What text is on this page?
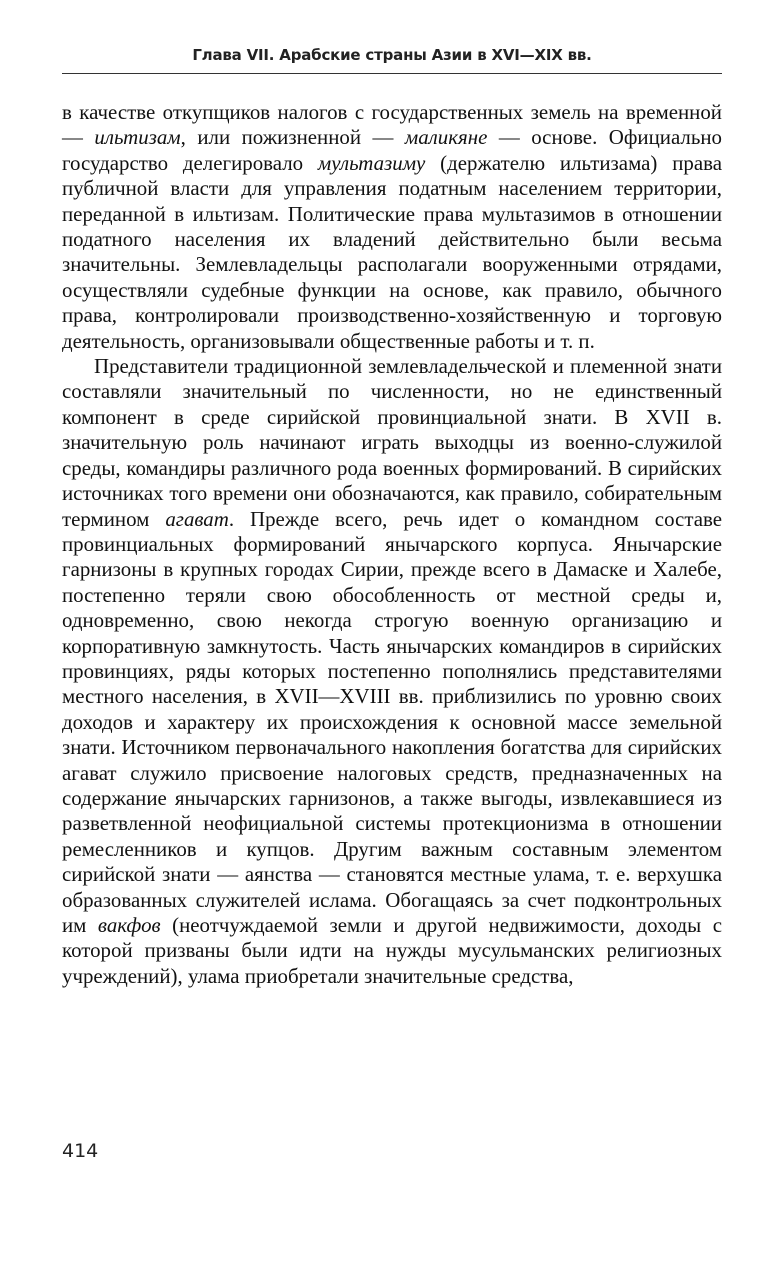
Глава VII. Арабские страны Азии в XVI—XIX вв.

в качестве откупщиков налогов с государственных земель на временной — ильтизам, или пожизненной — маликяне — основе. Официально государство делегировало мультазиму (держателю ильтизама) права публичной власти для управления податным населением территории, переданной в ильтизам. Политические права мультазимов в отношении податного населения их владений действительно были весьма значительны. Землевладельцы располагали вооруженными отрядами, осуществляли судебные функции на основе, как правило, обычного права, контролировали производственно-хозяйственную и торговую деятельность, организовывали общественные работы и т. п.

Представители традиционной землевладельческой и племенной знати составляли значительный по численности, но не единственный компонент в среде сирийской провинциальной знати. В XVII в. значительную роль начинают играть выходцы из военно-служилой среды, командиры различного рода военных формирований. В сирийских источниках того времени они обозначаются, как правило, собирательным термином агават. Прежде всего, речь идет о командном составе провинциальных формирований янычарского корпуса. Янычарские гарнизоны в крупных городах Сирии, прежде всего в Дамаске и Халебе, постепенно теряли свою обособленность от местной среды и, одновременно, свою некогда строгую военную организацию и корпоративную замкнутость. Часть янычарских командиров в сирийских провинциях, ряды которых постепенно пополнялись представителями местного населения, в XVII—XVIII вв. приблизились по уровню своих доходов и характеру их происхождения к основной массе земельной знати. Источником первоначального накопления богатства для сирийских агават служило присвоение налоговых средств, предназначенных на содержание янычарских гарнизонов, а также выгоды, извлекавшиеся из разветвленной неофициальной системы протекционизма в отношении ремесленников и купцов. Другим важным составным элементом сирийской знати — аянства — становятся местные улама, т. е. верхушка образованных служителей ислама. Обогащаясь за счет подконтрольных им вакфов (неотчуждаемой земли и другой недвижимости, доходы с которой призваны были идти на нужды мусульманских религиозных учреждений), улама приобретали значительные средства,

414
